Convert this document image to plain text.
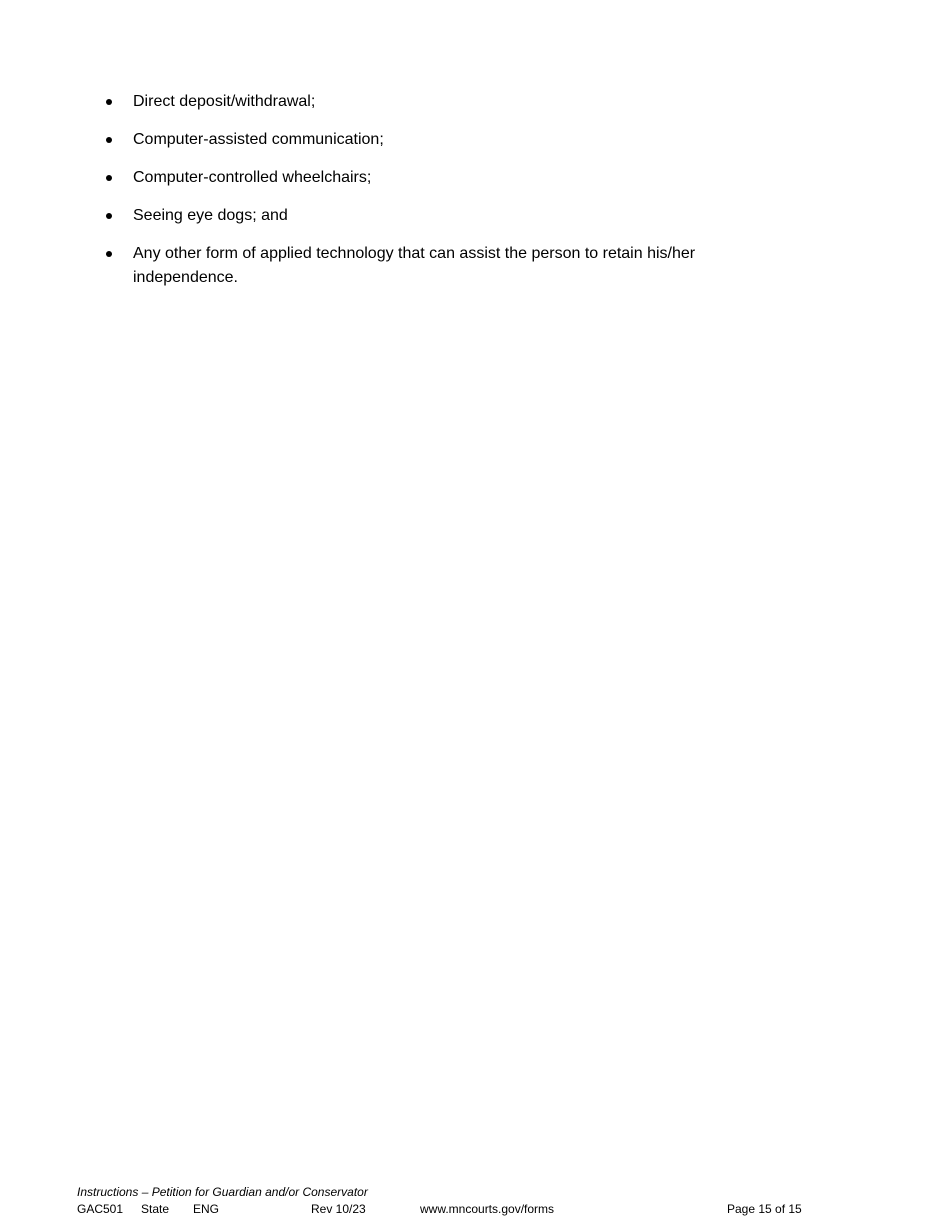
Direct deposit/withdrawal;
Computer-assisted communication;
Computer-controlled wheelchairs;
Seeing eye dogs; and
Any other form of applied technology that can assist the person to retain his/her independence.
Instructions – Petition for Guardian and/or Conservator
GAC501 State ENG	Rev 10/23	www.mncourts.gov/forms	Page 15 of 15
